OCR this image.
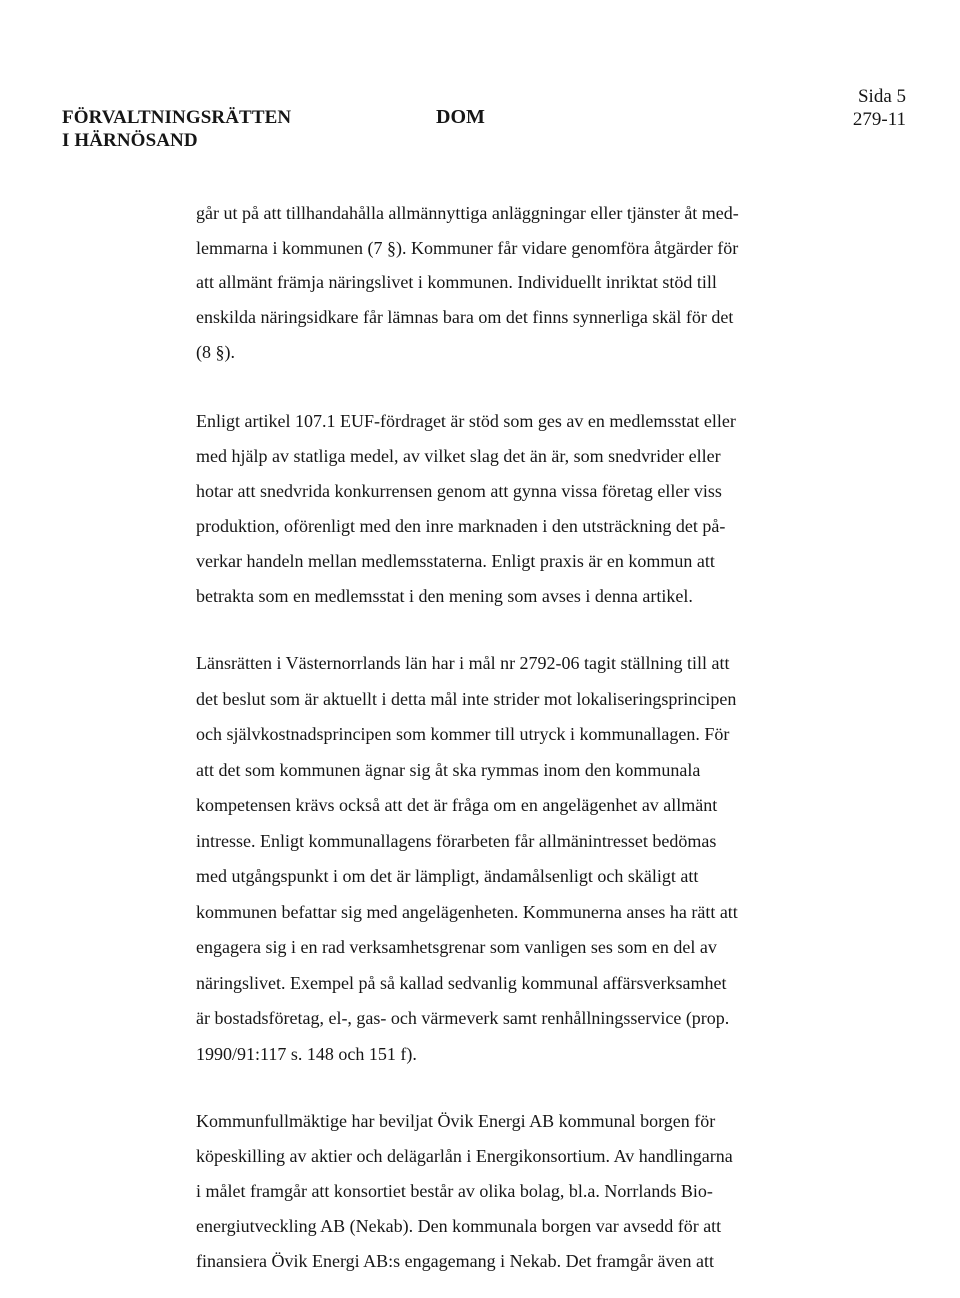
FÖRVALTNINGSRÄTTEN
I HÄRNÖSAND
DOM
Sida 5
279-11
går ut på att tillhandahålla allmännyttiga anläggningar eller tjänster åt med-
lemmarna i kommunen (7 §). Kommuner får vidare genomföra åtgärder för
att allmänt främja näringslivet i kommunen. Individuellt inriktat stöd till
enskilda näringsidkare får lämnas bara om det finns synnerliga skäl för det
(8 §).
Enligt artikel 107.1 EUF-fördraget är stöd som ges av en medlemsstat eller
med hjälp av statliga medel, av vilket slag det än är, som snedvrider eller
hotar att snedvrida konkurrensen genom att gynna vissa företag eller viss
produktion, oförenligt med den inre marknaden i den utsträckning det på-
verkar handeln mellan medlemsstaterna. Enligt praxis är en kommun att
betrakta som en medlemsstat i den mening som avses i denna artikel.
Länsrätten i Västernorrlands län har i mål nr 2792-06 tagit ställning till att
det beslut som är aktuellt i detta mål inte strider mot lokaliseringsprincipen
och självkostnadsprincipen som kommer till utryck i kommunallagen. För
att det som kommunen ägnar sig åt ska rymmas inom den kommunala
kompetensen krävs också att det är fråga om en angelägenhet av allmänt
intresse. Enligt kommunallagens förarbeten får allmänintresset bedömas
med utgångspunkt i om det är lämpligt, ändamålsenligt och skäligt att
kommunen befattar sig med angelägenheten. Kommunerna anses ha rätt att
engagera sig i en rad verksamhetsgrenar som vanligen ses som en del av
näringslivet. Exempel på så kallad sedvanlig kommunal affärsverksamhet
är bostadsföretag, el-, gas- och värmeverk samt renhållningsservice (prop.
1990/91:117 s. 148 och 151 f).
Kommunfullmäktige har beviljat Övik Energi AB kommunal borgen för
köpeskilling av aktier och delägarlån i Energikonsortium. Av handlingarna
i målet framgår att konsortiet består av olika bolag, bl.a. Norrlands Bio-
energiutveckling AB (Nekab). Den kommunala borgen var avsedd för att
finansiera Övik Energi AB:s engagemang i Nekab. Det framgår även att
